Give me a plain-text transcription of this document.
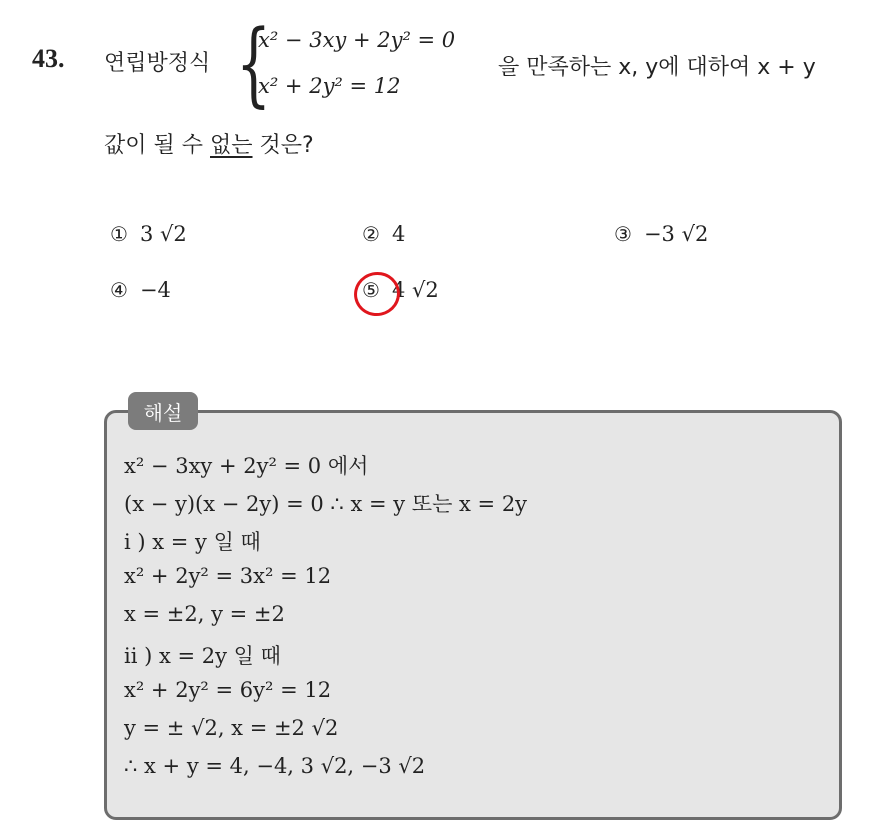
43. 연립방정식 {
x² − 3xy + 2y² = 0
x² + 2y² = 12
을 만족하는 x, y에 대하여 x + y
값이 될 수 없는 것은?
① 3 √2	② 4	③ −3 √2
④ −4	⑤ 4 √2
해설
x² − 3xy + 2y² = 0 에서
(x − y)(x − 2y) = 0 ∴ x = y 또는 x = 2y
i ) x = y 일 때
x² + 2y² = 3x² = 12
x = ±2, y = ±2
ii ) x = 2y 일 때
x² + 2y² = 6y² = 12
y = ± √2, x = ±2 √2
∴ x + y = 4, −4, 3 √2, −3 √2
